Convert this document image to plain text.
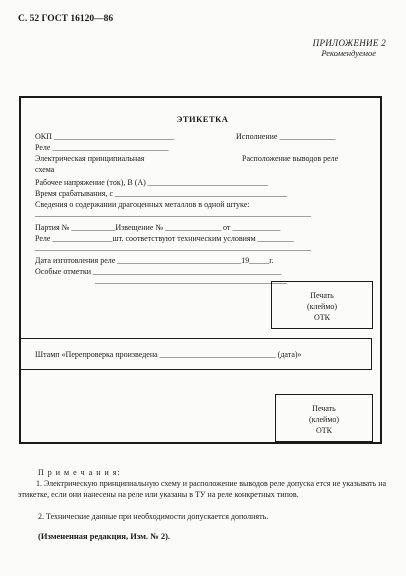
С. 52 ГОСТ 16120—86
ПРИЛОЖЕНИЕ 2
Рекомендуемое
ЭТИКЕТКА
ОКП ______________________________	Исполнение ______________
Реле _____________________________
Электрическая принципиальная
схема
Расположение выводов реле
Рабочее напряжение (ток), В (А) ______________________________
Время срабатывания, с ___________________________________________
Сведения о содержании драгоценных металлов в одной штуке:
_____________________________________________________________________
Партия № ___________Извещение № ______________ от ____________
Реле _______________шт. соответствуют техническим условиям _________
_____________________________________________________________________
Дата изготовления реле _______________________________19_____г.
Особые отметки _______________________________________________
________________________________________________
Печать
(клеймо)
ОТК
Штамп «Перепроверка произведена _____________________________ (дата)»
Печать
(клеймо)
ОТК
П р и м е ч а н и я:
1. Электрическую принципиальную схему и расположение выводов реле допуска ется не указывать на этикетке, если они нанесены на реле или указаны в ТУ на реле конкретных типов.
2. Технические данные при необходимости допускается дополнять.
(Измененная редакция, Изм. № 2).
